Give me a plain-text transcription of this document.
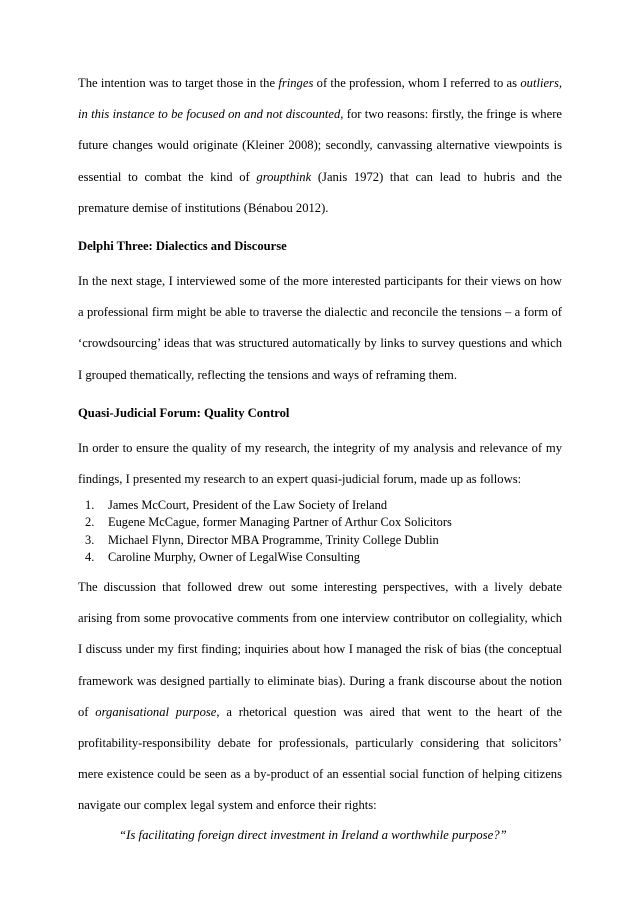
The intention was to target those in the fringes of the profession, whom I referred to as outliers, in this instance to be focused on and not discounted, for two reasons: firstly, the fringe is where future changes would originate (Kleiner 2008); secondly, canvassing alternative viewpoints is essential to combat the kind of groupthink (Janis 1972) that can lead to hubris and the premature demise of institutions (Bénabou 2012).

Delphi Three: Dialectics and Discourse

In the next stage, I interviewed some of the more interested participants for their views on how a professional firm might be able to traverse the dialectic and reconcile the tensions – a form of ‘crowdsourcing’ ideas that was structured automatically by links to survey questions and which I grouped thematically, reflecting the tensions and ways of reframing them.

Quasi-Judicial Forum: Quality Control

In order to ensure the quality of my research, the integrity of my analysis and relevance of my findings, I presented my research to an expert quasi-judicial forum, made up as follows:

1.	James McCourt, President of the Law Society of Ireland
2.	Eugene McCague, former Managing Partner of Arthur Cox Solicitors
3.	Michael Flynn, Director MBA Programme, Trinity College Dublin
4.	Caroline Murphy, Owner of LegalWise Consulting

The discussion that followed drew out some interesting perspectives, with a lively debate arising from some provocative comments from one interview contributor on collegiality, which I discuss under my first finding; inquiries about how I managed the risk of bias (the conceptual framework was designed partially to eliminate bias). During a frank discourse about the notion of organisational purpose, a rhetorical question was aired that went to the heart of the profitability-responsibility debate for professionals, particularly considering that solicitors’ mere existence could be seen as a by-product of an essential social function of helping citizens navigate our complex legal system and enforce their rights:

“Is facilitating foreign direct investment in Ireland a worthwhile purpose?”
